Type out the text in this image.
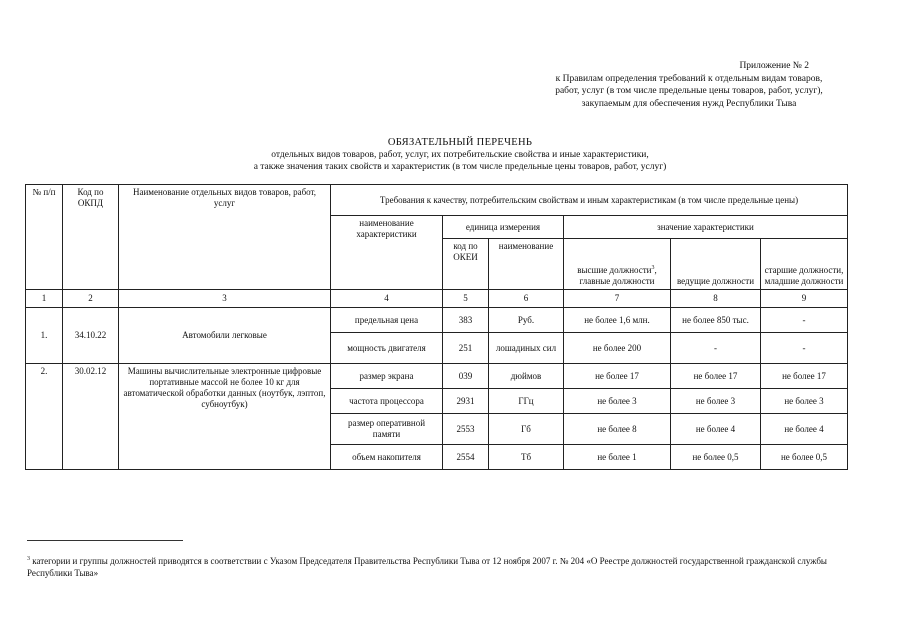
Приложение № 2
к Правилам определения требований к отдельным видам товаров,
работ, услуг (в том числе предельные цены товаров, работ, услуг),
закупаемым для обеспечения нужд Республики Тыва
ОБЯЗАТЕЛЬНЫЙ ПЕРЕЧЕНЬ
отдельных видов товаров, работ, услуг, их потребительские свойства и иные характеристики,
а также значения таких свойств и характеристик (в том числе предельные цены товаров, работ, услуг)
№ п/п	Код по ОКПД	Наименование отдельных видов товаров, работ, услуг	Требования к качеству, потребительским свойствам и иным характеристикам (в том числе предельные цены)					
			наименование характеристики	единица измерения		значение характеристики		
				код по ОКЕИ	наименование	высшие должности$^3$, главные должности	ведущие должности	старшие должности, младшие должности
1	2	3	4	5	6	7	8	9
1.	34.10.22	Автомобили легковые	предельная цена	383	Руб.	не более 1,6 млн.	не более 850 тыс.	-
			мощность двигателя	251	лошадиных сил	не более 200	-	-
2.	30.02.12	Машины вычислительные электронные цифровые портативные массой не более 10 кг для автоматической обработки данных (ноутбук, лэптоп, субноутбук)	размер экрана	039	дюймов	не более 17	не более 17	не более 17
			частота процессора	2931	ГГц	не более 3	не более 3	не более 3
			размер оперативной памяти	2553	Гб	не более 8	не более 4	не более 4
			объем накопителя	2554	Тб	не более 1	не более 0,5	не более 0,5
$^3$ категории и группы должностей приводятся в соответствии с Указом Председателя Правительства Республики Тыва от 12 ноября 2007 г. № 204 «О Реестре должностей государственной гражданской службы Республики Тыва»
